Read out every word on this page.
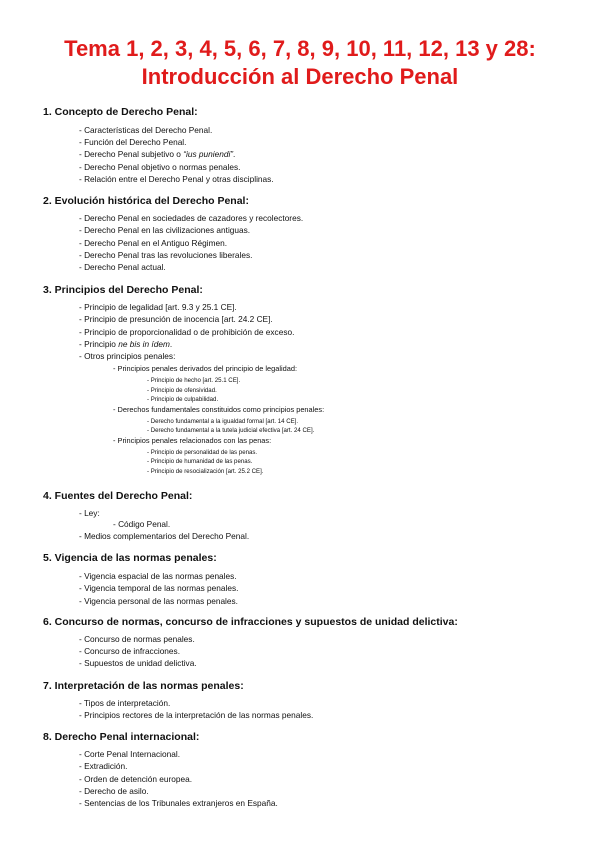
Tema 1, 2, 3, 4, 5, 6, 7, 8, 9, 10, 11, 12, 13 y 28:
Introducción al Derecho Penal
1. Concepto de Derecho Penal:
- Características del Derecho Penal.
- Función del Derecho Penal.
- Derecho Penal subjetivo o “ius puniendi”.
- Derecho Penal objetivo o normas penales.
- Relación entre el Derecho Penal y otras disciplinas.
2. Evolución histórica del Derecho Penal:
- Derecho Penal en sociedades de cazadores y recolectores.
- Derecho Penal en las civilizaciones antiguas.
- Derecho Penal en el Antiguo Régimen.
- Derecho Penal tras las revoluciones liberales.
- Derecho Penal actual.
3. Principios del Derecho Penal:
- Principio de legalidad [art. 9.3 y 25.1 CE].
- Principio de presunción de inocencia [art. 24.2 CE].
- Principio de proporcionalidad o de prohibición de exceso.
- Principio ne bis in ídem.
- Otros principios penales:
- Principios penales derivados del principio de legalidad:
- Principio de hecho [art. 25.1 CE].
- Principio de ofensividad.
- Principio de culpabilidad.
- Derechos fundamentales constituidos como principios penales:
- Derecho fundamental a la igualdad formal [art. 14 CE].
- Derecho fundamental a la tutela judicial efectiva [art. 24 CE].
- Principios penales relacionados con las penas:
- Principio de personalidad de las penas.
- Principio de humanidad de las penas.
- Principio de resocialización [art. 25.2 CE].
4. Fuentes del Derecho Penal:
- Ley:
- Código Penal.
- Medios complementarios del Derecho Penal.
5. Vigencia de las normas penales:
- Vigencia espacial de las normas penales.
- Vigencia temporal de las normas penales.
- Vigencia personal de las normas penales.
6. Concurso de normas, concurso de infracciones y supuestos de unidad delictiva:
- Concurso de normas penales.
- Concurso de infracciones.
- Supuestos de unidad delictiva.
7. Interpretación de las normas penales:
- Tipos de interpretación.
- Principios rectores de la interpretación de las normas penales.
8. Derecho Penal internacional:
- Corte Penal Internacional.
- Extradición.
- Orden de detención europea.
- Derecho de asilo.
- Sentencias de los Tribunales extranjeros en España.
